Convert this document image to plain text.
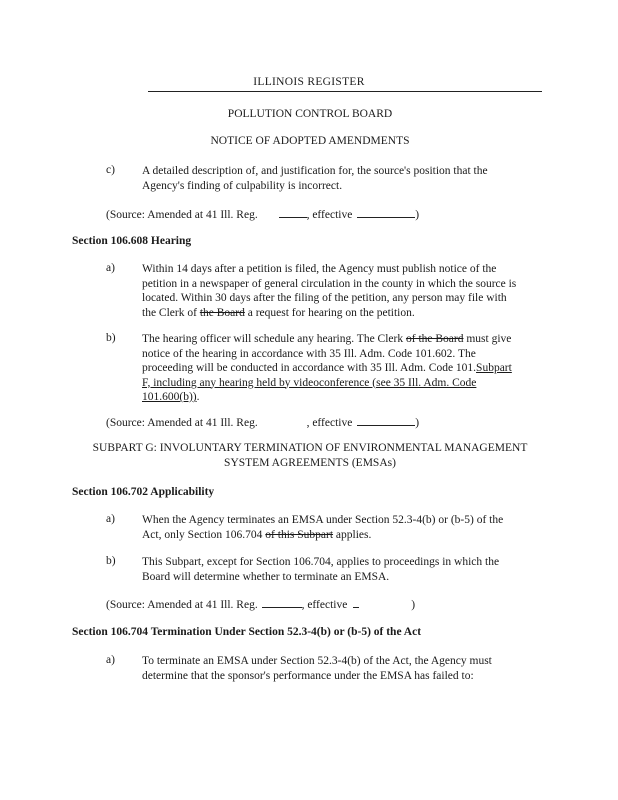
ILLINOIS REGISTER
POLLUTION CONTROL BOARD
NOTICE OF ADOPTED AMENDMENTS
c) A detailed description of, and justification for, the source's position that the
Agency's finding of culpability is incorrect.
(Source: Amended at 41 Ill. Reg.	, effective	)
Section 106.608 Hearing
a) Within 14 days after a petition is filed, the Agency must publish notice of the
petition in a newspaper of general circulation in the county in which the source is
located. Within 30 days after the filing of the petition, any person may file with
the Clerk of the Board a request for hearing on the petition.
b) The hearing officer will schedule any hearing. The Clerk of the Board must give
notice of the hearing in accordance with 35 Ill. Adm. Code 101.602. The
proceeding will be conducted in accordance with 35 Ill. Adm. Code 101.Subpart
F, including any hearing held by videoconference (see 35 Ill. Adm. Code
101.600(b)).
(Source: Amended at 41 Ill. Reg.	, effective	)
SUBPART G: INVOLUNTARY TERMINATION OF ENVIRONMENTAL MANAGEMENT
SYSTEM AGREEMENTS (EMSAs)
Section 106.702 Applicability
a) When the Agency terminates an EMSA under Section 52.3-4(b) or (b-5) of the
Act, only Section 106.704 of this Subpart applies.
b) This Subpart, except for Section 106.704, applies to proceedings in which the
Board will determine whether to terminate an EMSA.
(Source: Amended at 41 Ill. Reg.	, effective	)
Section 106.704 Termination Under Section 52.3-4(b) or (b-5) of the Act
a) To terminate an EMSA under Section 52.3-4(b) of the Act, the Agency must
determine that the sponsor's performance under the EMSA has failed to:
